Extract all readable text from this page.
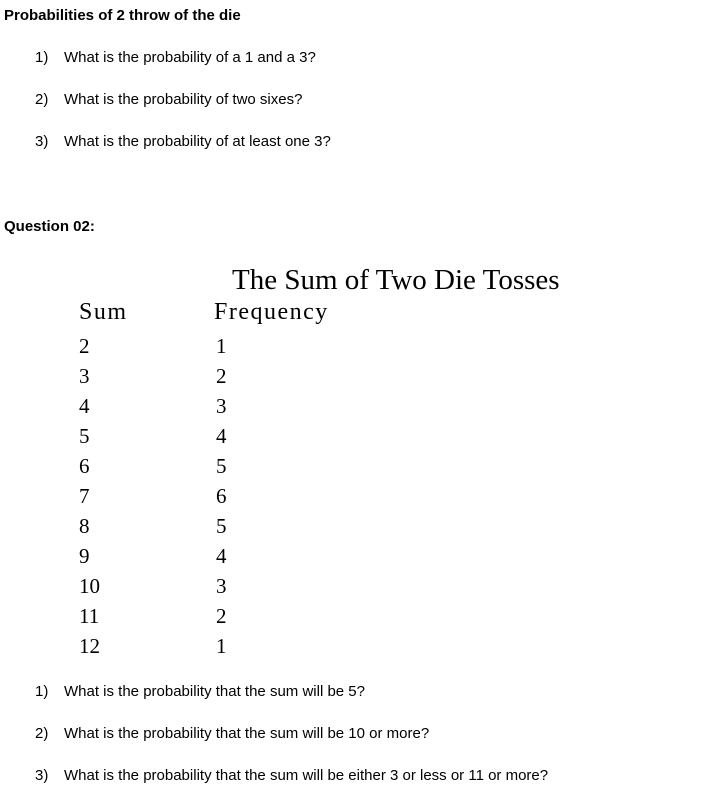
Probabilities of 2 throw of the die
1) What is the probability of a 1 and a 3?
2) What is the probability of two sixes?
3) What is the probability of at least one 3?
Question 02:
The Sum of Two Die Tosses
Sum	Frequency
2
3
4
5
6
7
8
9
10
11
12
1
2
3
4
5
6
5
4
3
2
1
1) What is the probability that the sum will be 5?
2) What is the probability that the sum will be 10 or more?
3) What is the probability that the sum will be either 3 or less or 11 or more?
